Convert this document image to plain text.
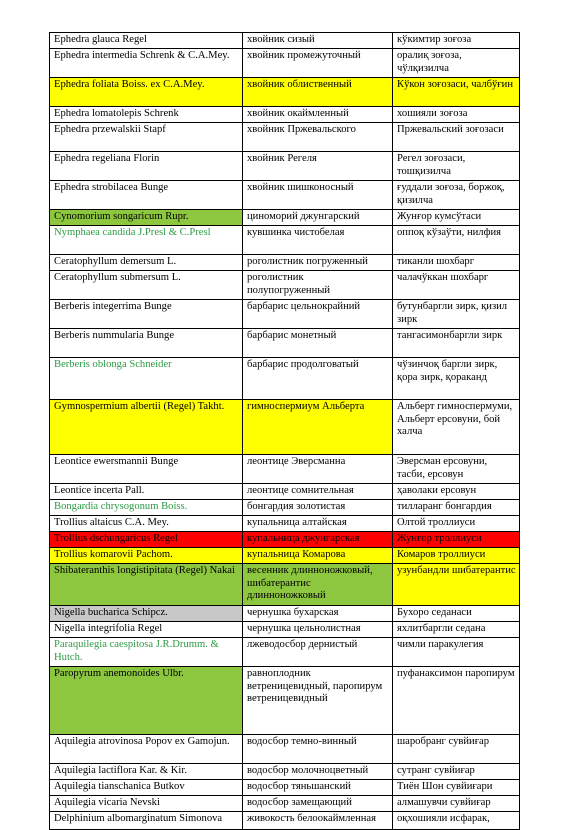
Ephedra glauca Regel	хвойник сизый	кўкимтир зоғоза
Ephedra intermedia Schrenk & C.A.Mey.	хвойник промежуточный	оралиқ зоғоза, чўлқизилча
Ephedra foliata Boiss. ex C.A.Mey.	хвойник облиственный	Кўкон зоғозаси, чалбўғин
Ephedra lomatolepis Schrenk	хвойник окаймленный	хошияли зоғоза
Ephedra przewalskii Stapf	хвойник Пржевальского	Пржевальский зоғозаси
Ephedra regeliana Florin	хвойник Регеля	Регел зоғозаси, тошқизилча
Ephedra strobilacea Bunge	хвойник шишконосный	ғуддали зоғоза, боржоқ, қизилча
Cynomorium songaricum Rupr.	циноморий джунгарский	Жунғор кумсўтаси
Nymphaea candida J.Presl & C.Presl	кувшинка чистобелая	оппоқ кўзаўти, нилфия
Ceratophyllum demersum L.	роголистник погруженный	тиканли шохбарг
Ceratophyllum submersum L.	роголистник полупогруженный	чалачўккан шохбарг
Berberis integerrima Bunge	барбарис цельнокрайний	бутунбаргли зирк, қизил зирк
Berberis nummularia Bunge	барбарис монетный	тангасимонбаргли зирк
Berberis oblonga Schneider	барбарис продолговатый	чўзинчоқ баргли зирк, қора зирк, қораканд
Gymnospermium albertii (Regel) Takht.	гимноспермиум Альберта	Альберт гимноспермуми, Альберт ерсовуни, бой халча
Leontice ewersmannii Bunge	леонтице Эверсманна	Эверсман ерсовуни, тасби, ерсовун
Leontice incerta Pall.	леонтице сомнительная	ҳаволаки ерсовун
Bongardia chrysogonum Boiss.	бонгардия золотистая	тилларанг бонгардия
Trollius altaicus C.A. Mey.	купальница алтайская	Олтой троллиуси
Trollius dschungaricus Regel	купальница джунгарская	Жунғор троллиуси
Trollius komarovii Pachom.	купальница Комарова	Комаров троллиуси
Shibateranthis longistipitata (Regel) Nakai	весенник длинноножковый, шибатерантис длинноножковый	узунбандли шибатерантис
Nigella bucharica Schipcz.	чернушка бухарская	Бухоро седанаси
Nigella integrifolia Regel	чернушка цельнолистная	яхлитбаргли седана
Paraquilegia caespitosa J.R.Drumm. & Hutch.	лжеводосбор дернистый	чимли паракулегия
Paropyrum anemonoides Ulbr.	равноплодник ветреницевидный, паропирум ветреницевидный	пуфанаксимон паропирум
Aquilegia atrovinosa Popov ex Gamojun.	водосбор темно-винный	шаробранг сувйиғар
Aquilegia lactiflora Kar. & Kir.	водосбор молочноцветный	сутранг сувйиғар
Aquilegia tianschanica Butkov	водосбор тяньшанский	Тиён Шон сувйиғари
Aquilegia vicaria Nevski	водосбор замещающий	алмашувчи сувйиғар
Delphinium albomarginatum Simonova	живокость белоокаймленная	оқхошияли исфарак,
